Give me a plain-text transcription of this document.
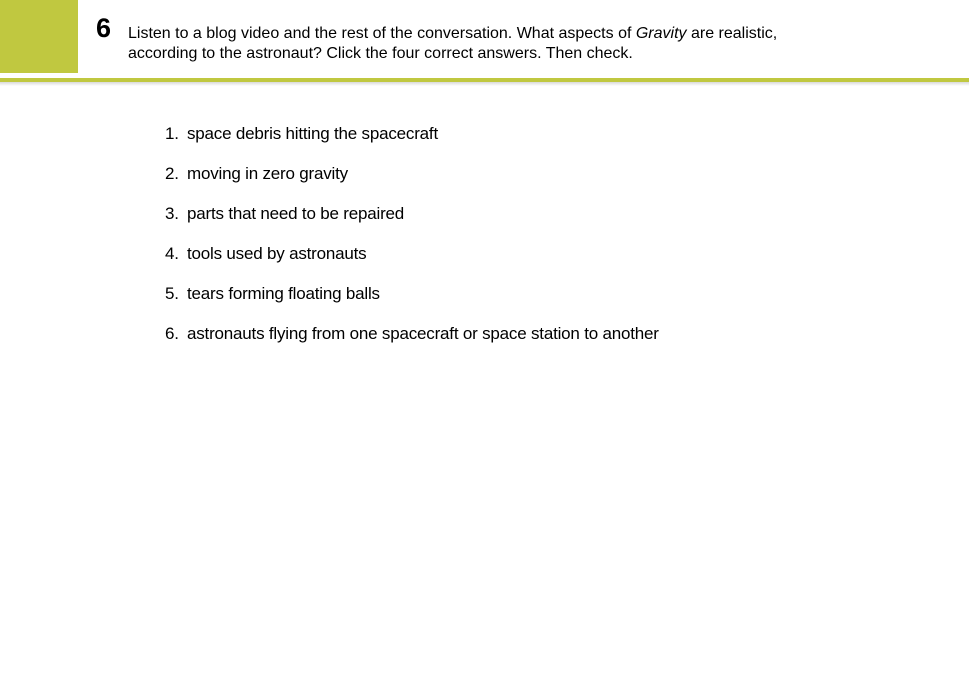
6 Listen to a blog video and the rest of the conversation. What aspects of Gravity are realistic,
according to the astronaut? Click the four correct answers. Then check.
1. space debris hitting the spacecraft
2. moving in zero gravity
3. parts that need to be repaired
4. tools used by astronauts
5. tears forming floating balls
6. astronauts flying from one spacecraft or space station to another
